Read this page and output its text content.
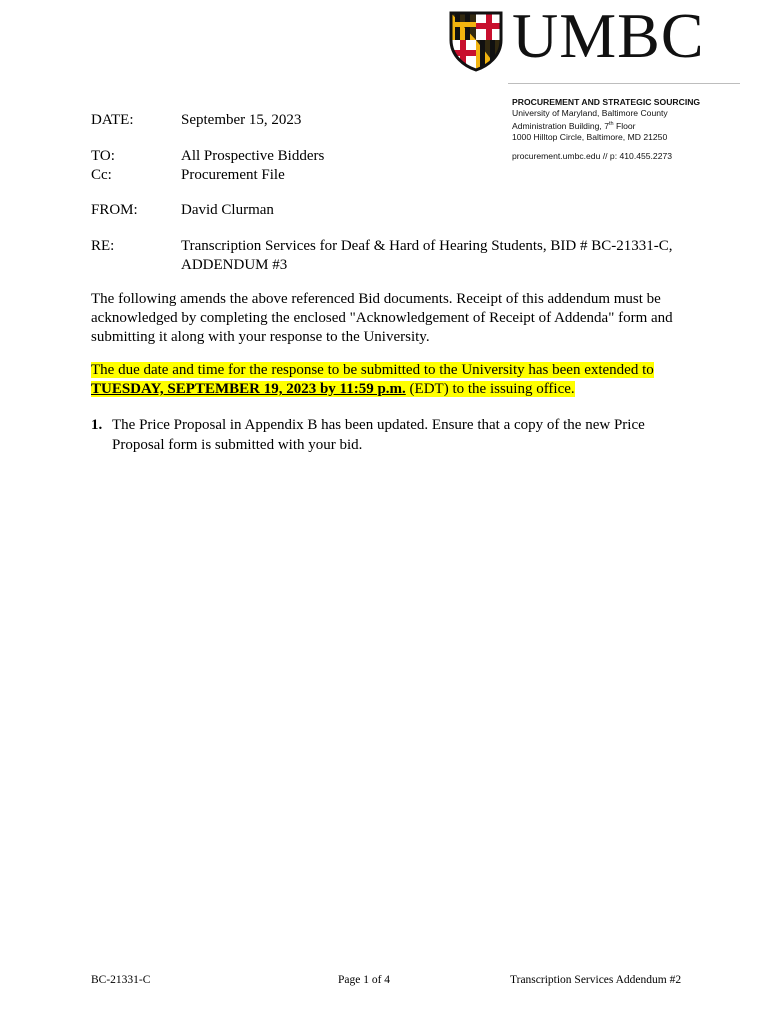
UMBC
PROCUREMENT AND STRATEGIC SOURCING
University of Maryland, Baltimore County
Administration Building, 7th Floor
1000 Hilltop Circle, Baltimore, MD 21250
procurement.umbc.edu // p: 410.455.2273
DATE:	September 15, 2023
TO:	All Prospective Bidders
Cc:	Procurement File
FROM:	David Clurman
RE:	Transcription Services for Deaf & Hard of Hearing Students, BID # BC-21331-C,
ADDENDUM #3
The following amends the above referenced Bid documents. Receipt of this addendum must be
acknowledged by completing the enclosed "Acknowledgement of Receipt of Addenda" form and
submitting it along with your response to the University.
The due date and time for the response to be submitted to the University has been extended to
TUESDAY, SEPTEMBER 19, 2023 by 11:59 p.m. (EDT) to the issuing office.
1. The Price Proposal in Appendix B has been updated. Ensure that a copy of the new Price
Proposal form is submitted with your bid.
BC-21331-C	Page 1 of 4	Transcription Services Addendum #2
